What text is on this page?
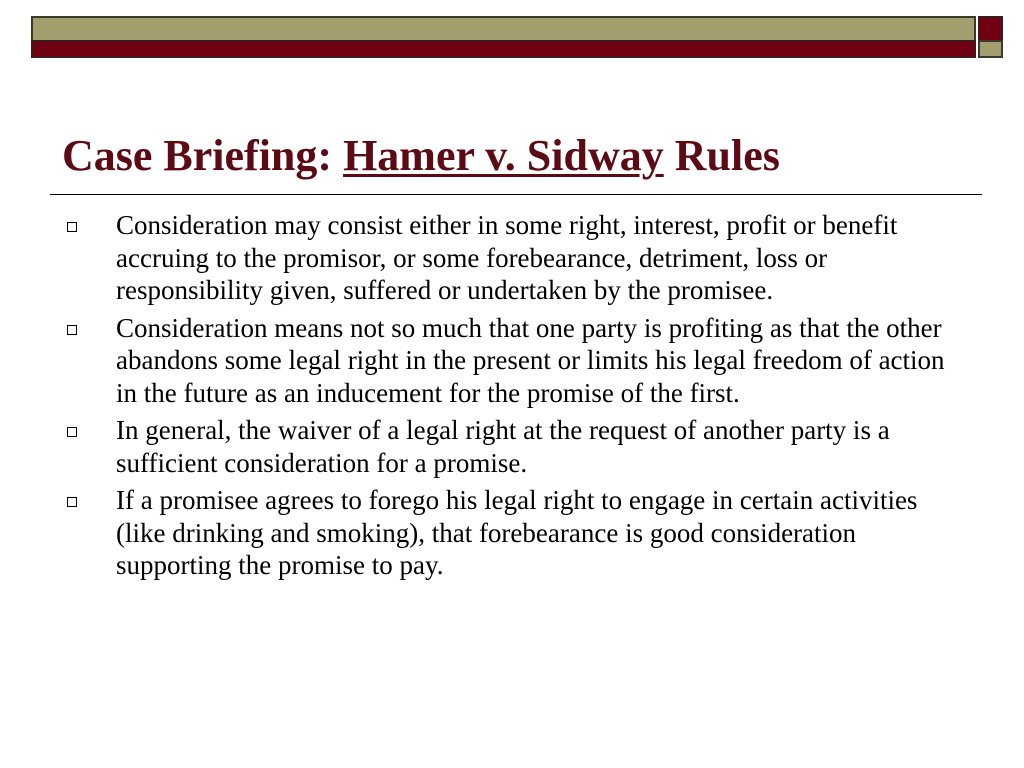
Case Briefing: Hamer v. Sidway Rules
Consideration may consist either in some right, interest, profit or benefit accruing to the promisor, or some forebearance, detriment, loss or responsibility given, suffered or undertaken by the promisee.
Consideration means not so much that one party is profiting as that the other abandons some legal right in the present or limits his legal freedom of action in the future as an inducement for the promise of the first.
In general, the waiver of a legal right at the request of another party is a sufficient consideration for a promise.
If a promisee agrees to forego his legal right to engage in certain activities (like drinking and smoking), that forebearance is good consideration supporting the promise to pay.
